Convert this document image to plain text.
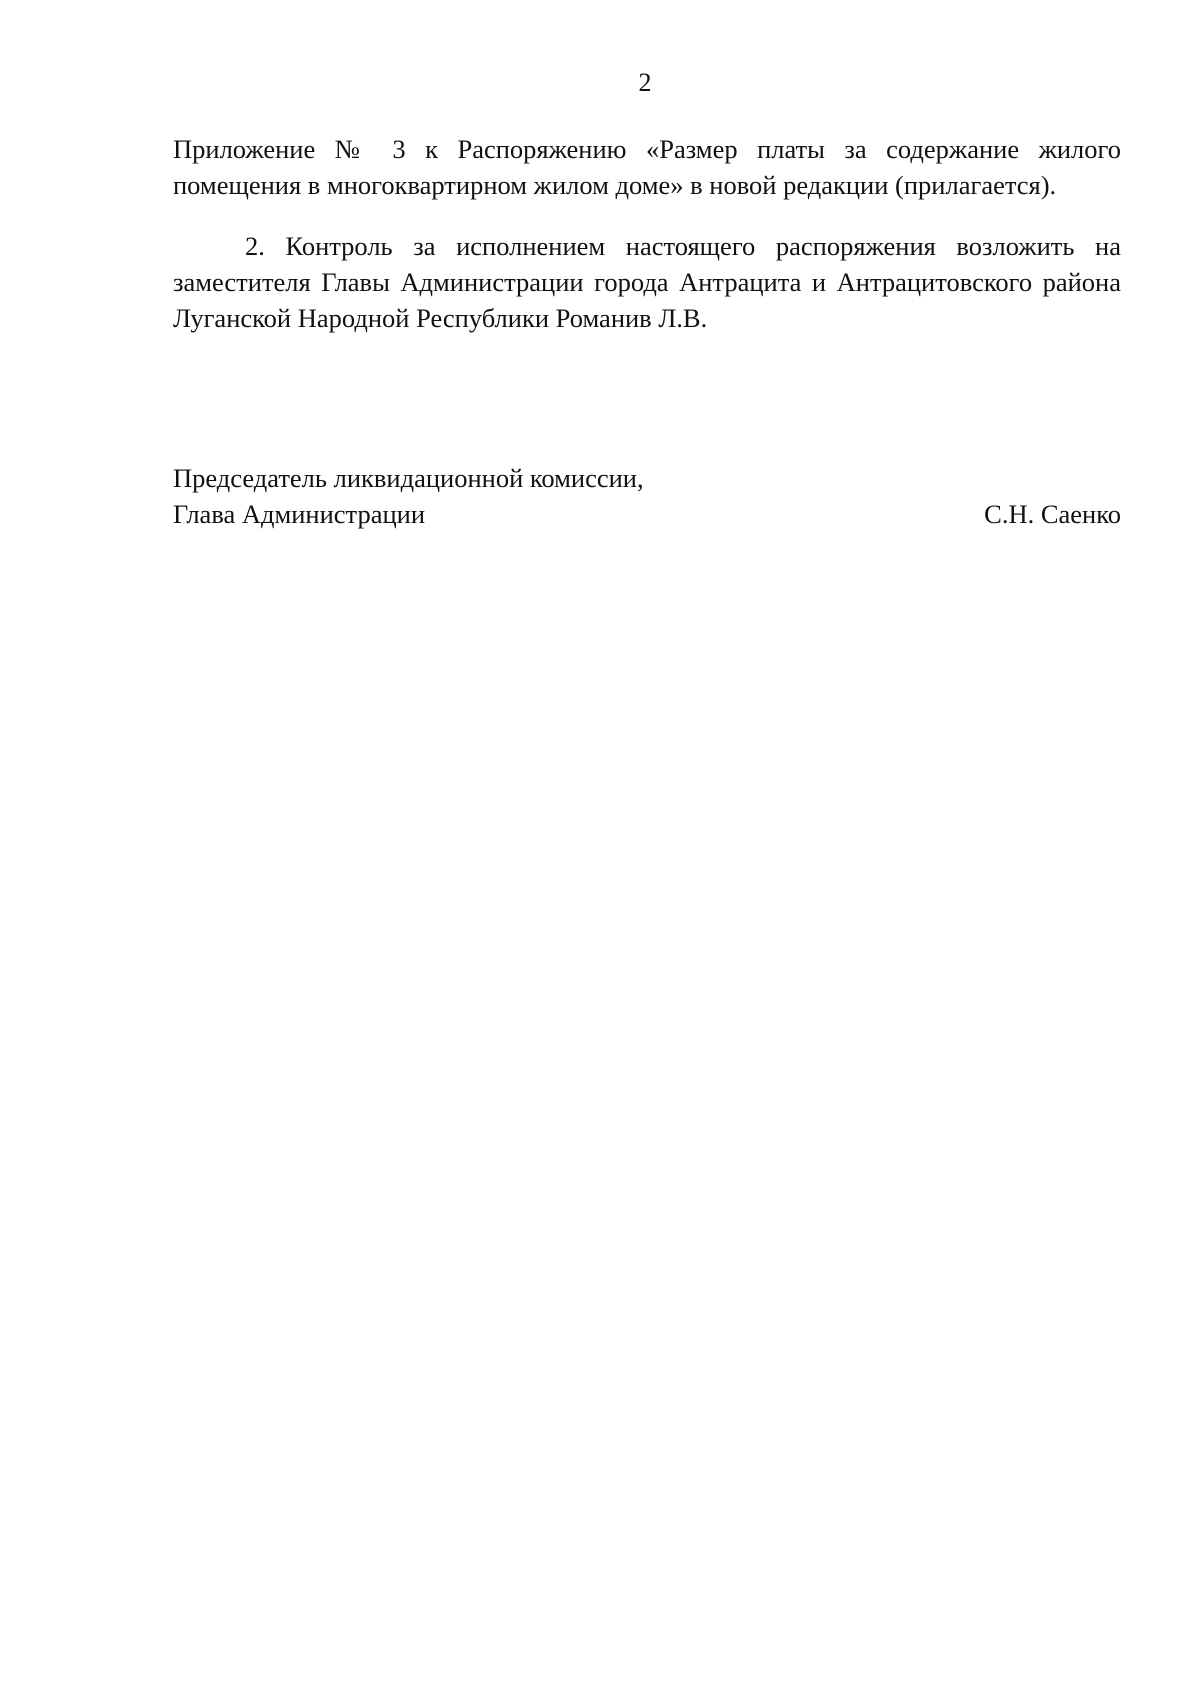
2

Приложение № 3 к Распоряжению «Размер платы за содержание жилого помещения в многоквартирном жилом доме» в новой редакции (прилагается).

2. Контроль за исполнением настоящего распоряжения возложить на заместителя Главы Администрации города Антрацита и Антрацитовского района Луганской Народной Республики Романив Л.В.

Председатель ликвидационной комиссии,
Глава Администрации	С.Н. Саенко
